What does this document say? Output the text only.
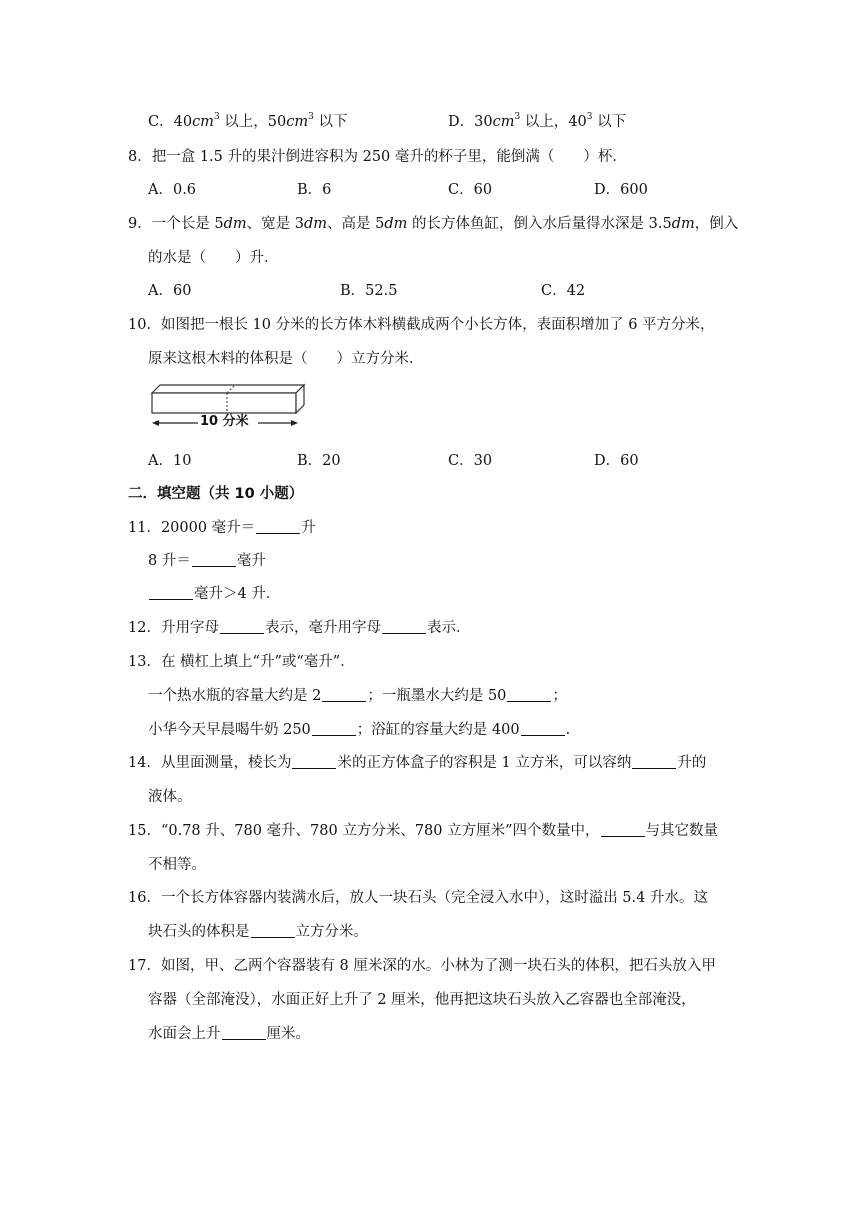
C．$40cm^3$ 以上，$50cm^3$ 以下	D．$30cm^3$ 以上，$40^3$ 以下
8．把一盒 1.5 升的果汁倒进容积为 250 毫升的杯子里，能倒满（　　）杯．
A．0.6	B．6	C．60	D．600
9．一个长是 5dm、宽是 3dm、高是 5dm 的长方体鱼缸，倒入水后量得水深是 3.5dm，倒入
的水是（　　）升．
A．60	B．52.5	C．42
10．如图把一根长 10 分米的长方体木料横截成两个小长方体，表面积增加了 6 平方分米，
原来这根木料的体积是（　　）立方分米．
10 分米
A．10	B．20	C．30	D．60
二．填空题（共 10 小题）
11．20000 毫升＝	升
8 升＝	毫升
毫升＞4 升．
12．升用字母	表示，毫升用字母	表示．
13．在 横杠上填上“升”或“毫升”．
一个热水瓶的容量大约是 2	；一瓶墨水大约是 50	；
小华今天早晨喝牛奶 250	；浴缸的容量大约是 400	.
14．从里面测量，棱长为	米的正方体盒子的容积是 1 立方米，可以容纳	升的
液体。
15．“0.78 升、780 毫升、780 立方分米、780 立方厘米”四个数量中，	与其它数量
不相等。
16．一个长方体容器内装满水后，放人一块石头（完全浸入水中），这时溢出 5.4 升水。这
块石头的体积是	立方分米。
17．如图，甲、乙两个容器装有 8 厘米深的水。小林为了测一块石头的体积，把石头放入甲
容器（全部淹没），水面正好上升了 2 厘米，他再把这块石头放入乙容器也全部淹没，
水面会上升	厘米。
